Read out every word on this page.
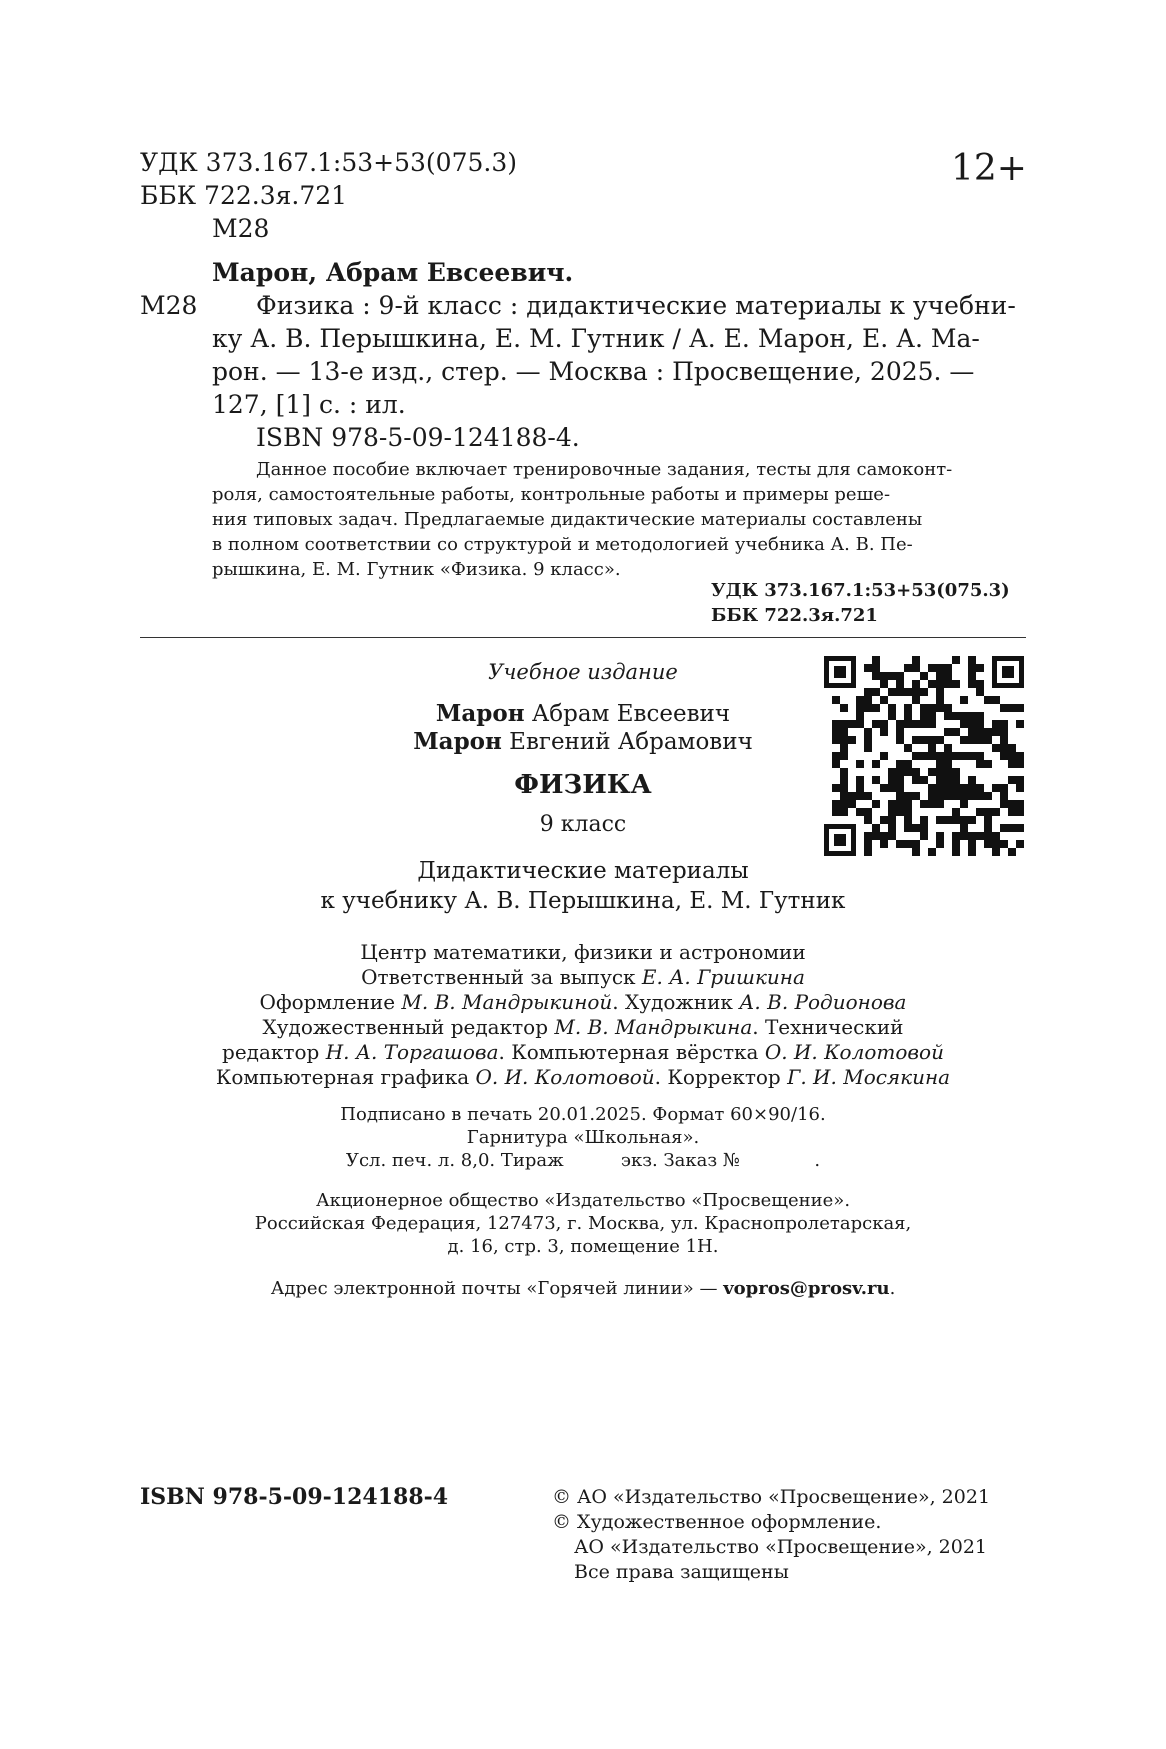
УДК 373.167.1:53+53(075.3)
ББК 722.3я.721
М28
12+
Марон, Абрам Евсеевич.
М28 Физика : 9-й класс : дидактические материалы к учебни-
ку А. В. Перышкина, Е. М. Гутник / А. Е. Марон, Е. А. Ма-
рон. — 13-е изд., стер. — Москва : Просвещение, 2025. —
127, [1] с. : ил.
ISBN 978-5-09-124188-4.
Данное пособие включает тренировочные задания, тесты для самоконт-
роля, самостоятельные работы, контрольные работы и примеры реше-
ния типовых задач. Предлагаемые дидактические материалы составлены
в полном соответствии со структурой и методологией учебника А. В. Пе-
рышкина, Е. М. Гутник «Физика. 9 класс».
УДК 373.167.1:53+53(075.3)
ББК 722.3я.721
Учебное издание
Марон Абрам Евсеевич
Марон Евгений Абрамович
ФИЗИКА
9 класс
Дидактические материалы
к учебнику А. В. Перышкина, Е. М. Гутник
Центр математики, физики и астрономии
Ответственный за выпуск Е. А. Гришкина
Оформление М. В. Мандрыкиной. Художник А. В. Родионова
Художественный редактор М. В. Мандрыкина. Технический
редактор Н. А. Торгашова. Компьютерная вёрстка О. И. Колотовой
Компьютерная графика О. И. Колотовой. Корректор Г. И. Мосякина
Подписано в печать 20.01.2025. Формат 60×90/16.
Гарнитура «Школьная».
Усл. печ. л. 8,0. Тираж          экз. Заказ №             .
Акционерное общество «Издательство «Просвещение».
Российская Федерация, 127473, г. Москва, ул. Краснопролетарская,
д. 16, стр. 3, помещение 1Н.
Адрес электронной почты «Горячей линии» — vopros@prosv.ru.
ISBN 978-5-09-124188-4	© АО «Издательство «Просвещение», 2021
© Художественное оформление.
АО «Издательство «Просвещение», 2021
Все права защищены
